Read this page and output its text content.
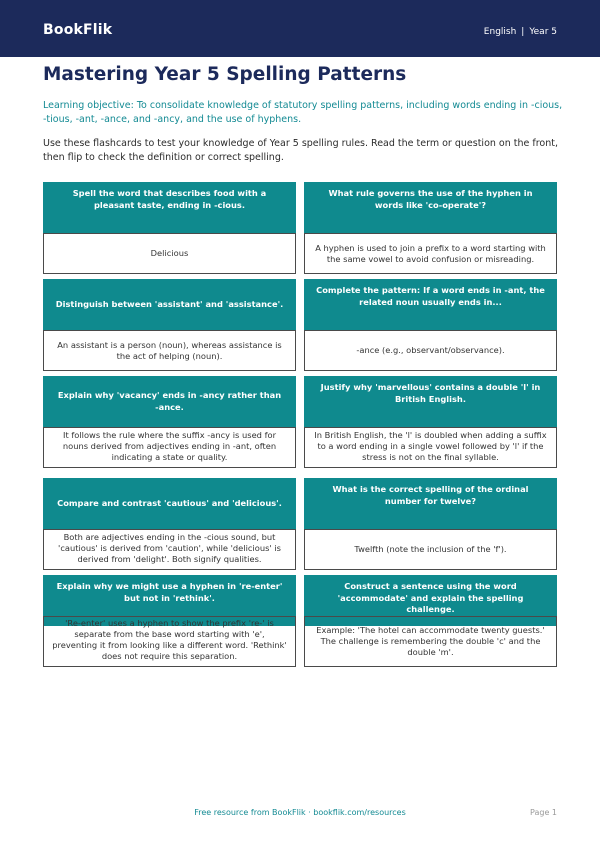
BookFlik	English | Year 5
Mastering Year 5 Spelling Patterns

Learning objective: To consolidate knowledge of statutory spelling patterns, including words ending in -cious, -tious, -ant, -ance, and -ancy, and the use of hyphens.

Use these flashcards to test your knowledge of Year 5 spelling rules. Read the term or question on the front, then flip to check the definition or correct spelling.

Spell the word that describes food with a pleasant taste, ending in -cious.
Delicious
What rule governs the use of the hyphen in words like 'co-operate'?
A hyphen is used to join a prefix to a word starting with the same vowel to avoid confusion or misreading.
Distinguish between 'assistant' and 'assistance'.
An assistant is a person (noun), whereas assistance is the act of helping (noun).
Complete the pattern: If a word ends in -ant, the related noun usually ends in...
-ance (e.g., observant/observance).
Explain why 'vacancy' ends in -ancy rather than -ance.
It follows the rule where the suffix -ancy is used for nouns derived from adjectives ending in -ant, often indicating a state or quality.
Justify why 'marvellous' contains a double 'l' in British English.
In British English, the 'l' is doubled when adding a suffix to a word ending in a single vowel followed by 'l' if the stress is not on the final syllable.
Compare and contrast 'cautious' and 'delicious'.
Both are adjectives ending in the -cious sound, but 'cautious' is derived from 'caution', while 'delicious' is derived from 'delight'. Both signify qualities.
What is the correct spelling of the ordinal number for twelve?
Twelfth (note the inclusion of the 'f').
Explain why we might use a hyphen in 're-enter' but not in 'rethink'.
'Re-enter' uses a hyphen to show the prefix 're-' is separate from the base word starting with 'e', preventing it from looking like a different word. 'Rethink' does not require this separation.
Construct a sentence using the word 'accommodate' and explain the spelling challenge.
Example: 'The hotel can accommodate twenty guests.' The challenge is remembering the double 'c' and the double 'm'.
Free resource from BookFlik · bookflik.com/resources	Page 1
